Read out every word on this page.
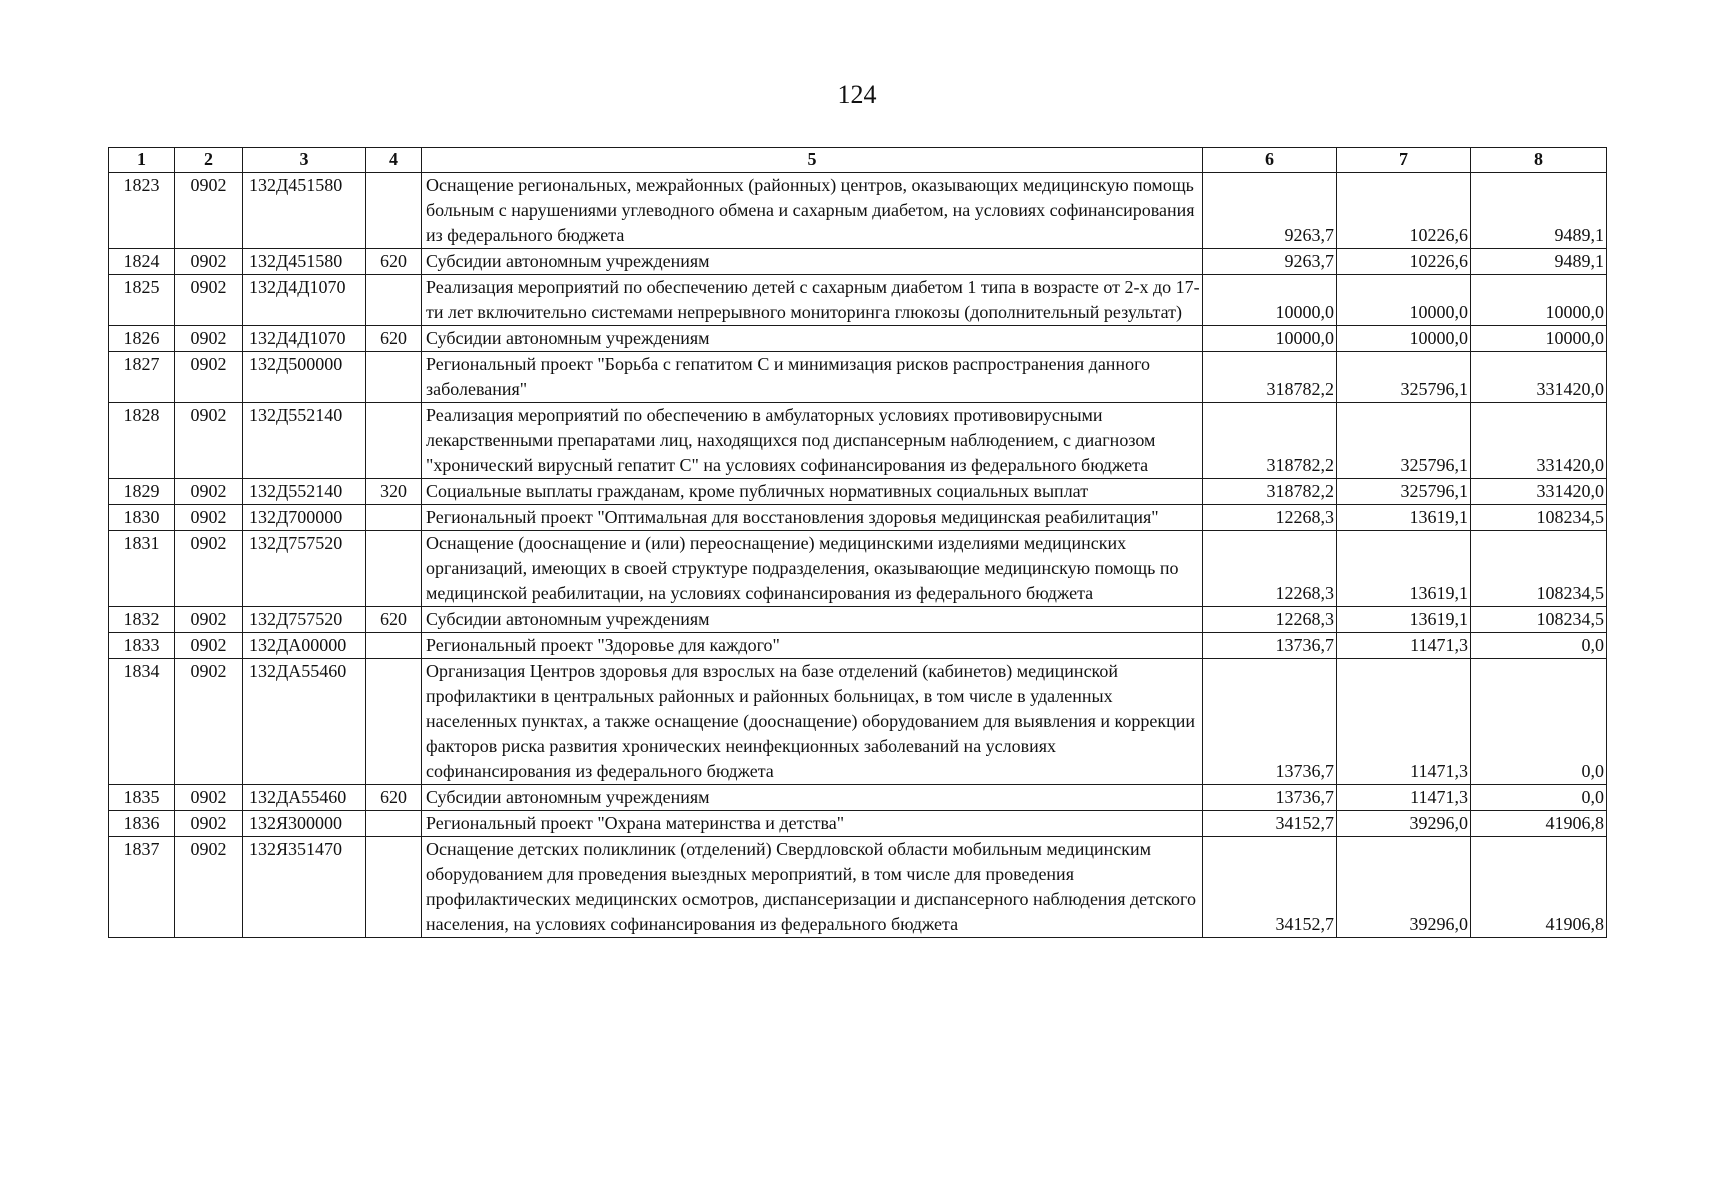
124
1	2	3	4	5	6	7	8
1823	0902	132Д451580		Оснащение региональных, межрайонных (районных) центров, оказывающих медицинскую помощь больным с нарушениями углеводного обмена и сахарным диабетом, на условиях софинансирования из федерального бюджета	9263,7	10226,6	9489,1
1824	0902	132Д451580	620	Субсидии автономным учреждениям	9263,7	10226,6	9489,1
1825	0902	132Д4Д1070		Реализация мероприятий по обеспечению детей с сахарным диабетом 1 типа в возрасте от 2-х до 17-ти лет включительно системами непрерывного мониторинга глюкозы (дополнительный результат)	10000,0	10000,0	10000,0
1826	0902	132Д4Д1070	620	Субсидии автономным учреждениям	10000,0	10000,0	10000,0
1827	0902	132Д500000		Региональный проект "Борьба с гепатитом С и минимизация рисков распространения данного заболевания"	318782,2	325796,1	331420,0
1828	0902	132Д552140		Реализация мероприятий по обеспечению в амбулаторных условиях противовирусными лекарственными препаратами лиц, находящихся под диспансерным наблюдением, с диагнозом "хронический вирусный гепатит С" на условиях софинансирования из федерального бюджета	318782,2	325796,1	331420,0
1829	0902	132Д552140	320	Социальные выплаты гражданам, кроме публичных нормативных социальных выплат	318782,2	325796,1	331420,0
1830	0902	132Д700000		Региональный проект "Оптимальная для восстановления здоровья медицинская реабилитация"	12268,3	13619,1	108234,5
1831	0902	132Д757520		Оснащение (дооснащение и (или) переоснащение) медицинскими изделиями медицинских организаций, имеющих в своей структуре подразделения, оказывающие медицинскую помощь по медицинской реабилитации, на условиях софинансирования из федерального бюджета	12268,3	13619,1	108234,5
1832	0902	132Д757520	620	Субсидии автономным учреждениям	12268,3	13619,1	108234,5
1833	0902	132ДА00000		Региональный проект "Здоровье для каждого"	13736,7	11471,3	0,0
1834	0902	132ДА55460		Организация Центров здоровья для взрослых на базе отделений (кабинетов) медицинской профилактики в центральных районных и районных больницах, в том числе в удаленных населенных пунктах, а также оснащение (дооснащение) оборудованием для выявления и коррекции факторов риска развития хронических неинфекционных заболеваний на условиях софинансирования из федерального бюджета	13736,7	11471,3	0,0
1835	0902	132ДА55460	620	Субсидии автономным учреждениям	13736,7	11471,3	0,0
1836	0902	132Я300000		Региональный проект "Охрана материнства и детства"	34152,7	39296,0	41906,8
1837	0902	132Я351470		Оснащение детских поликлиник (отделений) Свердловской области мобильным медицинским оборудованием для проведения выездных мероприятий, в том числе для проведения профилактических медицинских осмотров, диспансеризации и диспансерного наблюдения детского населения, на условиях софинансирования из федерального бюджета	34152,7	39296,0	41906,8
